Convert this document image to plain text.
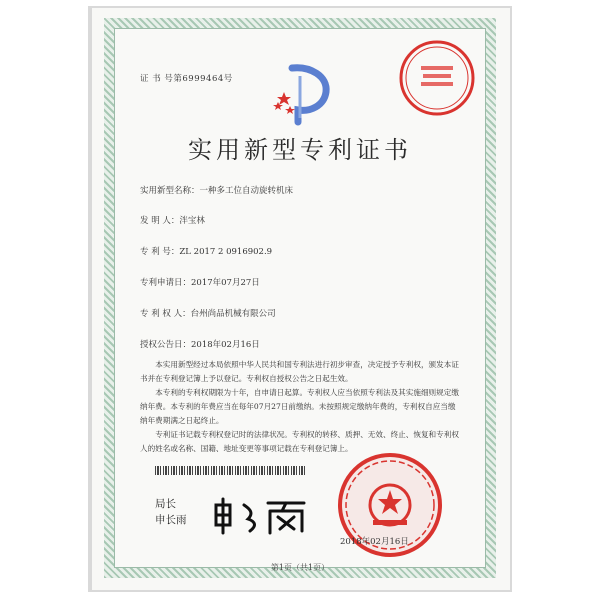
证 书 号第6999464号
实用新型专利证书
实用新型名称：一种多工位自动旋转机床
发 明 人：泮宝林
专 利 号：ZL 2017 2 0916902.9
专利申请日：2017年07月27日
专 利 权 人：台州尚品机械有限公司
授权公告日：2018年02月16日
本实用新型经过本局依照中华人民共和国专利法进行初步审查，决定授予专利权，颁发本证书并在专利登记簿上予以登记。专利权自授权公告之日起生效。
本专利的专利权期限为十年，自申请日起算。专利权人应当依照专利法及其实施细则规定缴纳年费。本专利的年费应当在每年07月27日前缴纳。未按照规定缴纳年费的，专利权自应当缴纳年费期满之日起终止。
专利证书记载专利权登记时的法律状况。专利权的转移、质押、无效、终止、恢复和专利权人的姓名或名称、国籍、地址变更等事项记载在专利登记簿上。
局长
申长雨
2018年02月16日
第1页（共1页）
